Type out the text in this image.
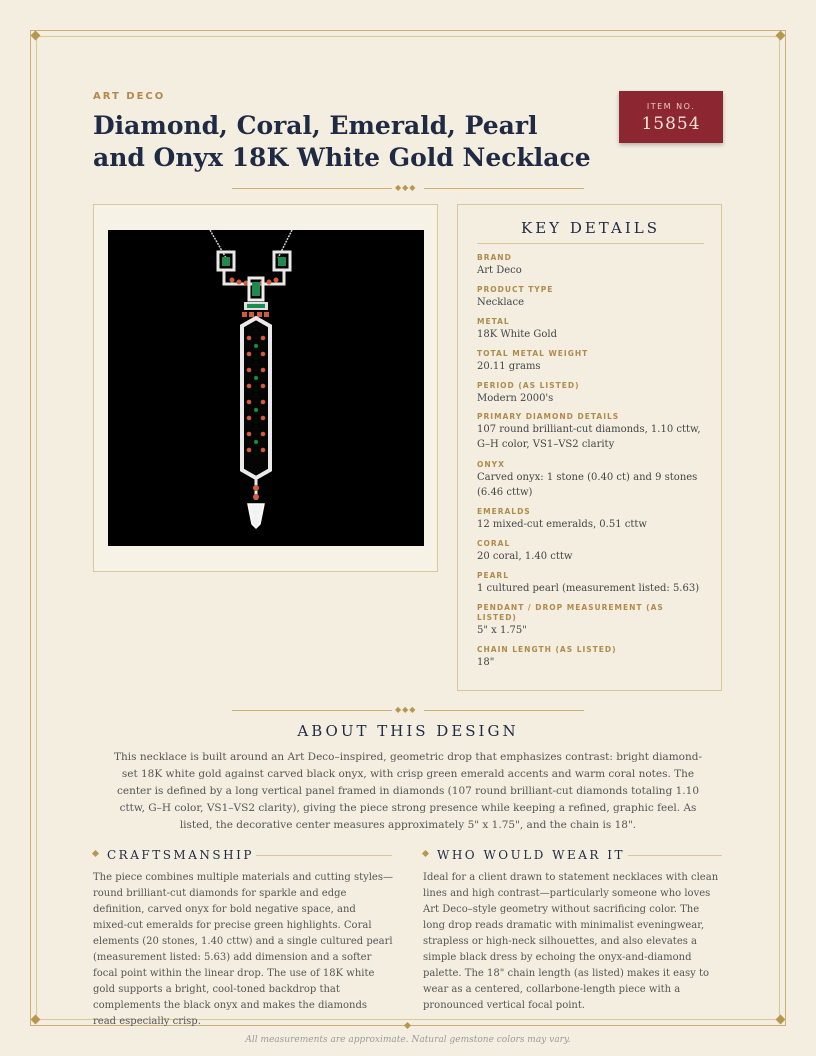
ART DECO
Diamond, Coral, Emerald, Pearl and Onyx 18K White Gold Necklace
ITEM NO.
15854
◆◆◆
KEY DETAILS
BRAND
Art Deco
PRODUCT TYPE
Necklace
METAL
18K White Gold
TOTAL METAL WEIGHT
20.11 grams
PERIOD (AS LISTED)
Modern 2000's
PRIMARY DIAMOND DETAILS
107 round brilliant-cut diamonds, 1.10 cttw, G–H color, VS1–VS2 clarity
ONYX
Carved onyx: 1 stone (0.40 ct) and 9 stones (6.46 cttw)
EMERALDS
12 mixed-cut emeralds, 0.51 cttw
CORAL
20 coral, 1.40 cttw
PEARL
1 cultured pearl (measurement listed: 5.63)
PENDANT / DROP MEASUREMENT (AS LISTED)
5" x 1.75"
CHAIN LENGTH (AS LISTED)
18"
◆◆◆
ABOUT THIS DESIGN

This necklace is built around an Art Deco–inspired, geometric drop that emphasizes contrast: bright diamond-set 18K white gold against carved black onyx, with crisp green emerald accents and warm coral notes. The center is defined by a long vertical panel framed in diamonds (107 round brilliant-cut diamonds totaling 1.10 cttw, G–H color, VS1–VS2 clarity), giving the piece strong presence while keeping a refined, graphic feel. As listed, the decorative center measures approximately 5" x 1.75", and the chain is 18".

CRAFTSMANSHIP

The piece combines multiple materials and cutting styles—round brilliant-cut diamonds for sparkle and edge definition, carved onyx for bold negative space, and mixed-cut emeralds for precise green highlights. Coral elements (20 stones, 1.40 cttw) and a single cultured pearl (measurement listed: 5.63) add dimension and a softer focal point within the linear drop. The use of 18K white gold supports a bright, cool-toned backdrop that complements the black onyx and makes the diamonds read especially crisp.

WHO WOULD WEAR IT

Ideal for a client drawn to statement necklaces with clean lines and high contrast—particularly someone who loves Art Deco–style geometry without sacrificing color. The long drop reads dramatic with minimalist eveningwear, strapless or high-neck silhouettes, and also elevates a simple black dress by echoing the onyx-and-diamond palette. The 18" chain length (as listed) makes it easy to wear as a centered, collarbone-length piece with a pronounced vertical focal point.

All measurements are approximate. Natural gemstone colors may vary.
